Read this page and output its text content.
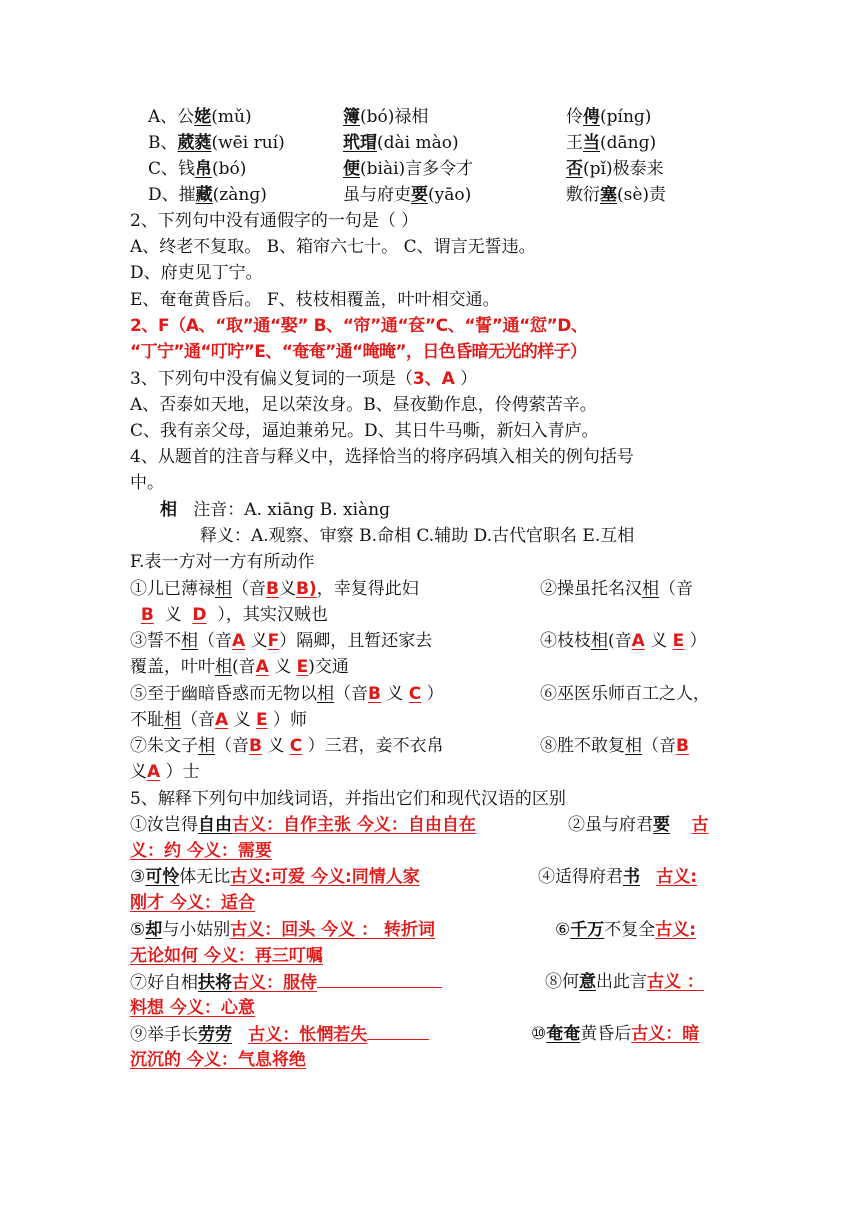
A、公姥(mǔ)	簿(bó)禄相	伶俜(pínɡ)
B、葳蕤(wēi ruí)	玳瑁(dài mào)	王当(dānɡ)
C、钱帛(bó)	便(biài)言多令才	否(pǐ)极泰来
D、摧藏(zànɡ)	虽与府吏要(yāo)	敷衍塞(sè)责
2、下列句中没有通假字的一句是（ ）
A、终老不复取。 B、箱帘六七十。 C、谓言无誓违。
D、府吏见丁宁。
E、奄奄黄昏后。 F、枝枝相覆盖，叶叶相交通。
2、F（A、“取”通“娶” B、“帘”通“奁”C、“誓”通“愆”D、
“丁宁”通“叮咛”E、“奄奄”通“晻晻”，日色昏暗无光的样子）
3、下列句中没有偏义复词的一项是（3、A ）
A、否泰如天地，足以荣汝身。B、昼夜勤作息，伶俜萦苦辛。
C、我有亲父母，逼迫兼弟兄。D、其日牛马嘶，新妇入青庐。
4、从题首的注音与释义中，选择恰当的将序码填入相关的例句括号
中。
相 注音：A. xiānɡ B. xiànɡ
释义：A.观察、审察 B.命相 C.辅助 D.古代官职名 E.互相
F.表一方对一方有所动作
①儿已薄禄相（音B义B)，幸复得此妇	②操虽托名汉相（音
B 义 D ），其实汉贼也
③誓不相（音A 义F）隔卿，且暂还家去	④枝枝相(音A 义 E ）
覆盖，叶叶相(音A 义 E)交通
⑤至于幽暗昏惑而无物以相（音B 义 C ）	⑥巫医乐师百工之人，
不耻相（音A 义 E ）师
⑦朱文子相（音B 义 C ）三君，妾不衣帛	⑧胜不敢复相（音B
义A ）士
5、解释下列句中加线词语，并指出它们和现代汉语的区别
①汝岂得自由古义：自作主张 今义：自由自在	②虽与府君要 古
义：约 今义：需要
③可怜体无比古义:可爱 今义:同情人家	④适得府君书 古义:
刚才 今义：适合
⑤却与小姑别古义：回头 今义 ： 转折词	⑥千万不复全古义:
无论如何 今义：再三叮嘱
⑦好自相扶将古义：服侍	⑧何意出此言古义 ：
料想 今义：心意
⑨举手长劳劳 古义：怅惘若失	⑩奄奄黄昏后古义：暗
沉沉的 今义：气息将绝
